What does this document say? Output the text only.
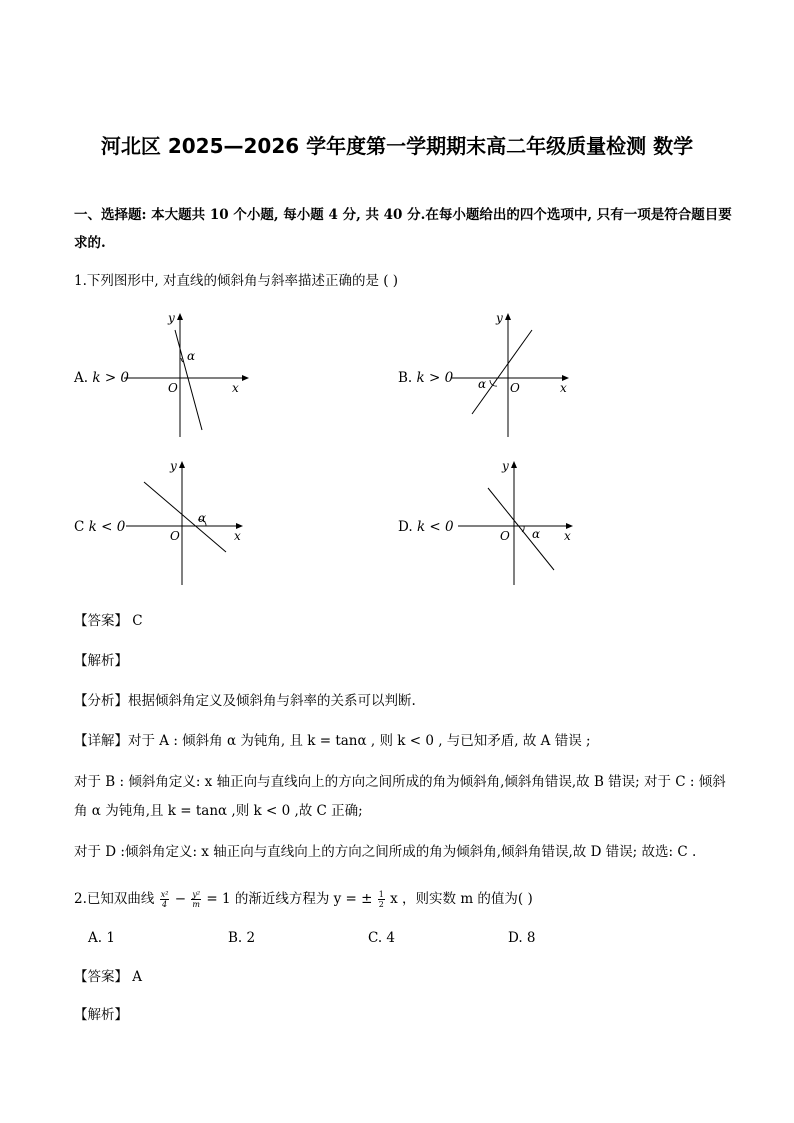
河北区 2025—2026 学年度第一学期期末高二年级质量检测 数学
一、选择题: 本大题共 10 个小题, 每小题 4 分, 共 40 分.在每小题给出的四个选项中, 只有一项是符合题目要
求的.
1.下列图形中, 对直线的倾斜角与斜率描述正确的是 ( )
A. k > 0
α
O	x
y
B. k > 0 α O	x
y
C k < 0
α
O	x
y
D. k < 0	α
O	x
y
【答案】 C
【解析】
【分析】根据倾斜角定义及倾斜角与斜率的关系可以判断.
【详解】对于 A : 倾斜角 α 为钝角, 且 k = tanα , 则 k < 0 , 与已知矛盾, 故 A 错误 ;
对于 B : 倾斜角定义: x 轴正向与直线向上的方向之间所成的角为倾斜角,倾斜角错误,故 B 错误; 对于 C : 倾斜
角 α 为钝角,且 k = tanα ,则 k < 0 ,故 C 正确;
对于 D :倾斜角定义: x 轴正向与直线向上的方向之间所成的角为倾斜角,倾斜角错误,故 D 错误; 故选: C .
2.已知双曲线 $\frac{\text{x²}}{4} - \frac{\text{y²}}{m} = 1$ 的渐近线方程为 y = ± $\frac{1}{2}$ x ，则实数 m 的值为( )
A. 1	B. 2	C. 4	D. 8
【答案】 A
【解析】
